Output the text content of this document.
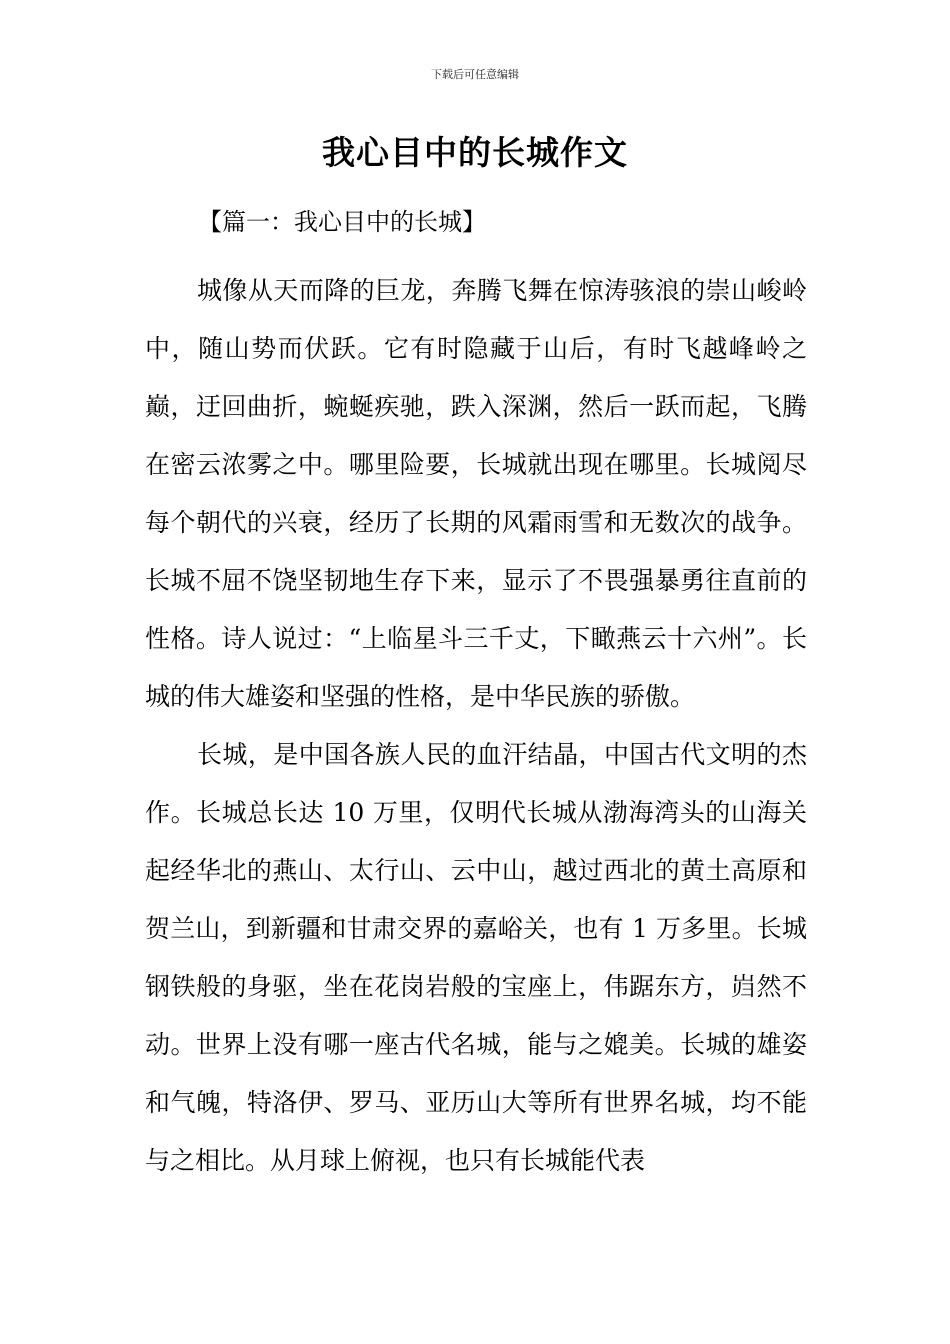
下载后可任意编辑
我心目中的长城作文
【篇一：我心目中的长城】

城像从天而降的巨龙，奔腾飞舞在惊涛骇浪的崇山峻岭中，随山势而伏跃。它有时隐藏于山后，有时飞越峰岭之巅，迂回曲折，蜿蜒疾驰，跌入深渊，然后一跃而起，飞腾在密云浓雾之中。哪里险要，长城就出现在哪里。长城阅尽每个朝代的兴衰，经历了长期的风霜雨雪和无数次的战争。长城不屈不饶坚韧地生存下来，显示了不畏强暴勇往直前的性格。诗人说过：“上临星斗三千丈，下瞰燕云十六州”。长城的伟大雄姿和坚强的性格，是中华民族的骄傲。

长城，是中国各族人民的血汗结晶，中国古代文明的杰作。长城总长达 10 万里，仅明代长城从渤海湾头的山海关起经华北的燕山、太行山、云中山，越过西北的黄土高原和贺兰山，到新疆和甘肃交界的嘉峪关，也有 1 万多里。长城钢铁般的身驱，坐在花岗岩般的宝座上，伟踞东方，岿然不动。世界上没有哪一座古代名城，能与之媲美。长城的雄姿和气魄，特洛伊、罗马、亚历山大等所有世界名城，均不能与之相比。从月球上俯视，也只有长城能代表
